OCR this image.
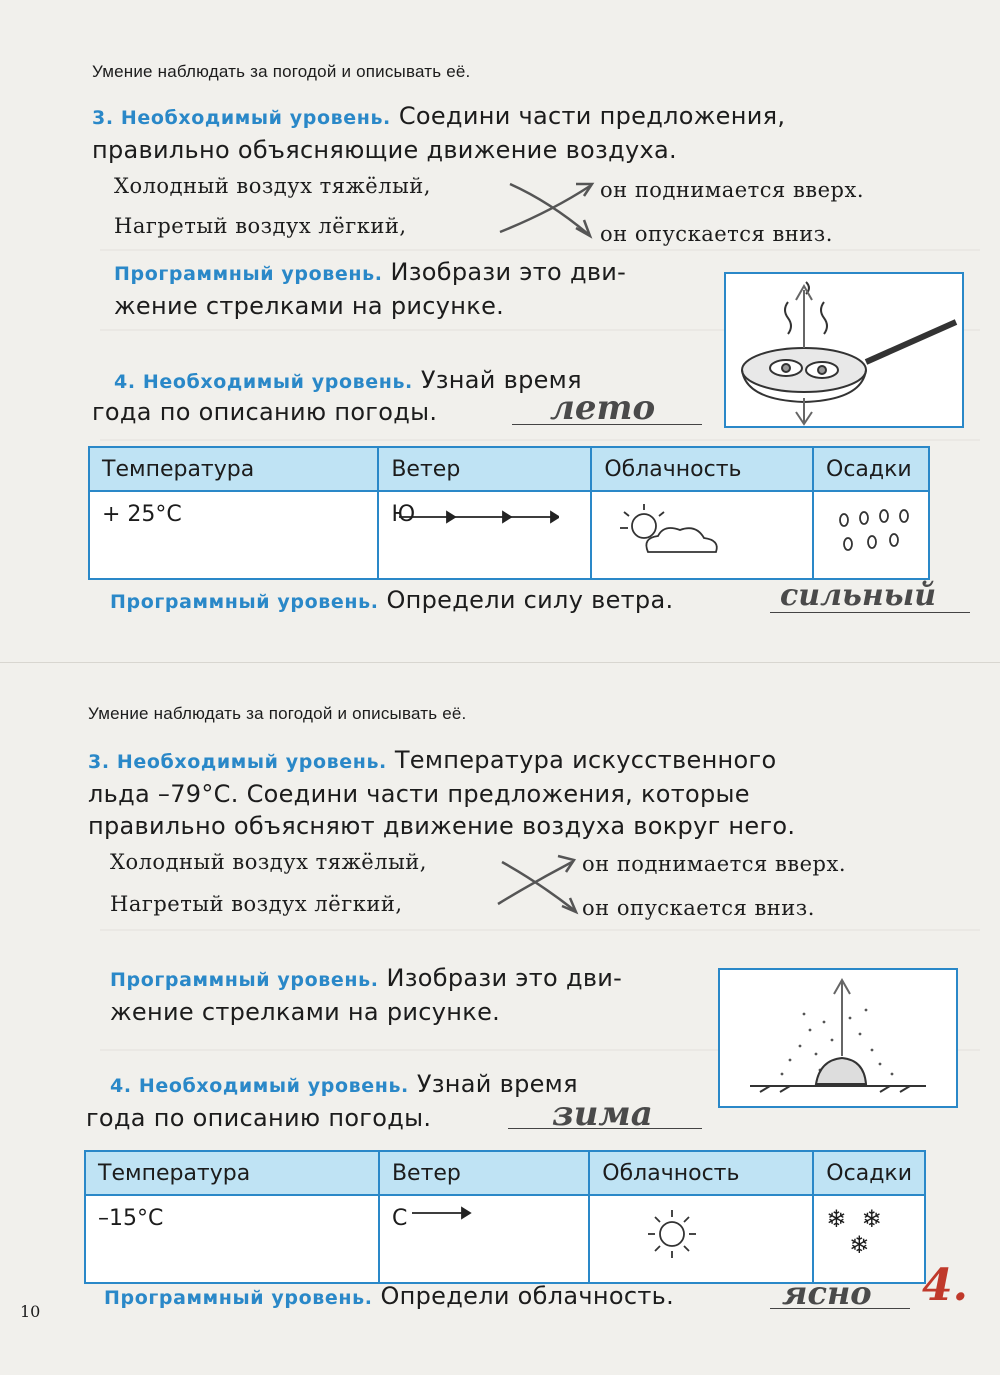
Умение наблюдать за погодой и описывать её.
3. Необходимый уровень. Соедини части предложения,
правильно объясняющие движение воздуха.
Холодный воздух тяжёлый,
Нагретый воздух лёгкий,
он поднимается вверх.
он опускается вниз.
Программный уровень. Изобрази это дви-
жение стрелками на рисунке.
4. Необходимый уровень. Узнай время
года по описанию погоды.	лето
Температура	Ветер	Облачность	Осадки
+ 25°C	Ю

Программный уровень. Определи силу ветра.	сильный
Умение наблюдать за погодой и описывать её.
3. Необходимый уровень. Температура искусственного
льда –79°С. Соедини части предложения, которые
правильно объясняют движение воздуха вокруг него.
Холодный воздух тяжёлый,
Нагретый воздух лёгкий,
он поднимается вверх.
он опускается вниз.
Программный уровень. Изобрази это дви-
жение стрелками на рисунке.
4. Необходимый уровень. Узнай время
года по описанию погоды.	зима
Температура	Ветер	Облачность	Осадки
–15°C	С		❄  ❄
❄
Программный уровень. Определи облачность.	ясно 4.
10
